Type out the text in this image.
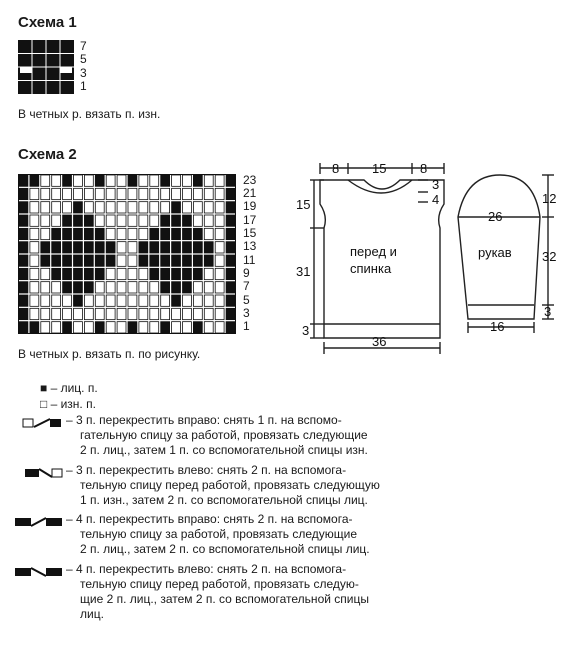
Схема 1
7
5
3
1
В четных р. вязать п. изн.
Схема 2
23
21
19
17
15
13
11
9
7
5
3
1
В четных р. вязать п. по рисунку.
8	15	8
3
4
15
31
3
36
перед и
спинка
26
12
32
3
16
рукав
■ – лиц. п.
□ – изн. п.
– 3 п. перекрестить вправо: снять 1 п. на вспомо-
гательную спицу за работой, провязать следующие
2 п. лиц., затем 1 п. со вспомогательной спицы изн.
– 3 п. перекрестить влево: снять 2 п. на вспомога-
тельную спицу перед работой, провязать следующую
1 п. изн., затем 2 п. со вспомогательной спицы лиц.
– 4 п. перекрестить вправо: снять 2 п. на вспомога-
тельную спицу за работой, провязать следующие
2 п. лиц., затем 2 п. со вспомогательной спицы лиц.
– 4 п. перекрестить влево: снять 2 п. на вспомога-
тельную спицу перед работой, провязать следую-
щие 2 п. лиц., затем 2 п. со вспомогательной спицы
лиц.
